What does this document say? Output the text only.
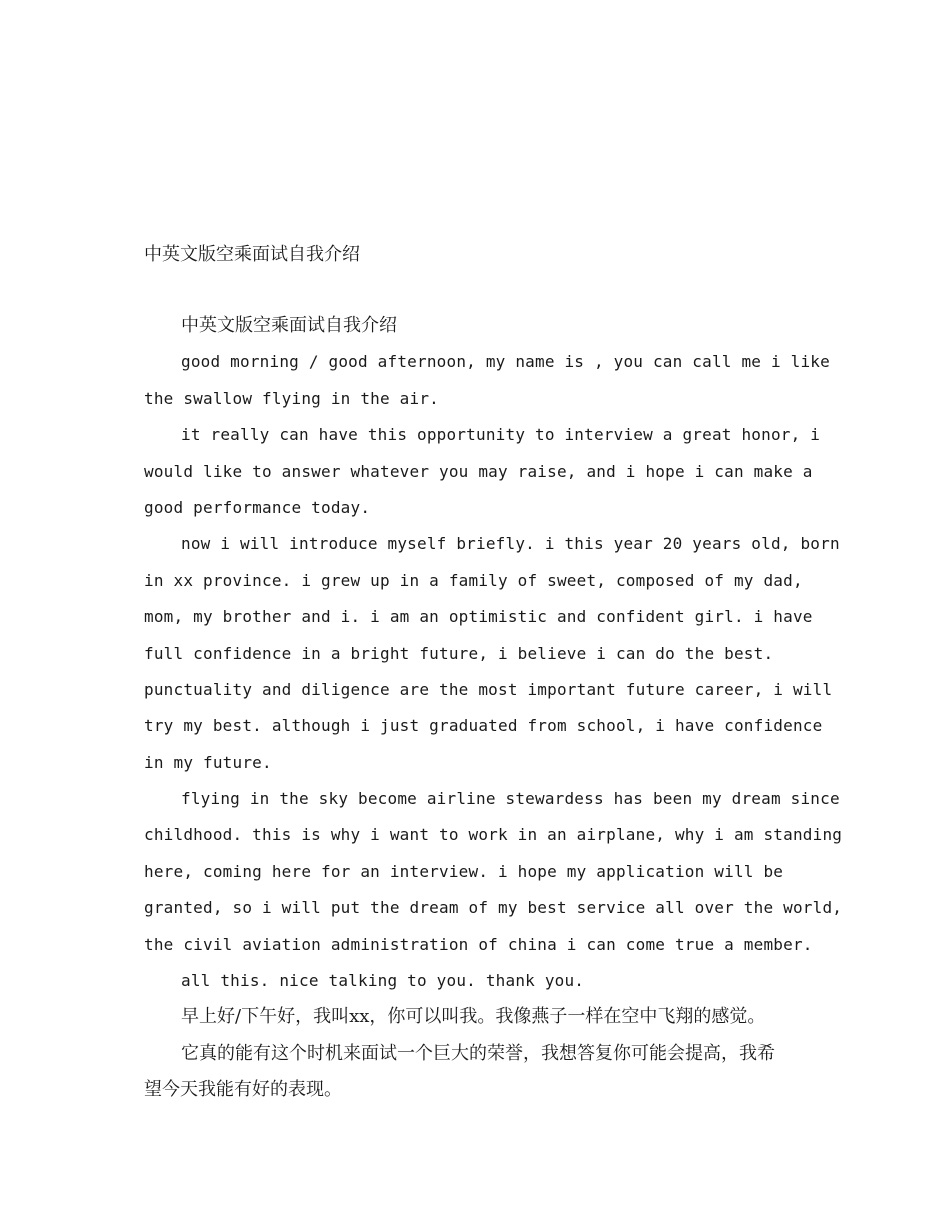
中英文版空乘面试自我介绍
中英文版空乘面试自我介绍
good morning / good afternoon, my name is , you can call me i like
the swallow flying in the air.
it really can have this opportunity to interview a great honor, i
would like to answer whatever you may raise, and i hope i can make a
good performance today.
now i will introduce myself briefly. i this year 20 years old, born
in xx province. i grew up in a family of sweet, composed of my dad,
mom, my brother and i. i am an optimistic and confident girl. i have
full confidence in a bright future, i believe i can do the best.
punctuality and diligence are the most important future career, i will
try my best. although i just graduated from school, i have confidence
in my future.
flying in the sky become airline stewardess has been my dream since
childhood. this is why i want to work in an airplane, why i am standing
here, coming here for an interview. i hope my application will be
granted, so i will put the dream of my best service all over the world,
the civil aviation administration of china i can come true a member.
all this. nice talking to you. thank you.
早上好/下午好，我叫xx，你可以叫我。我像燕子一样在空中飞翔的感觉。
它真的能有这个时机来面试一个巨大的荣誉，我想答复你可能会提高，我希
望今天我能有好的表现。
